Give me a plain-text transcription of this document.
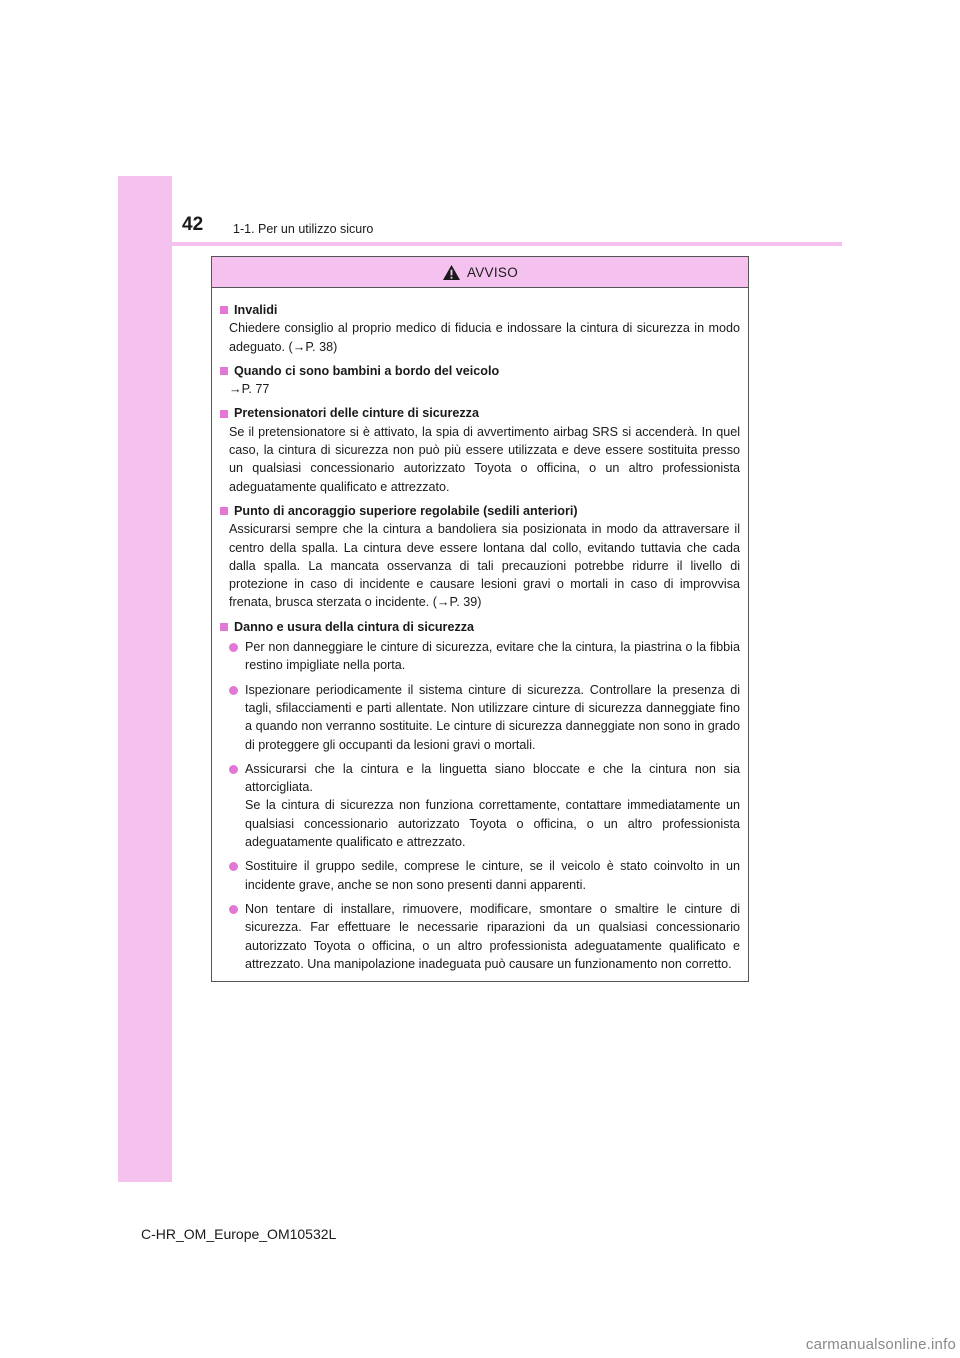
42 1-1. Per un utilizzo sicuro
AVVISO
Invalidi
Chiedere consiglio al proprio medico di fiducia e indossare la cintura di sicurezza in modo adeguato. (→P. 38)
Quando ci sono bambini a bordo del veicolo
→P. 77
Pretensionatori delle cinture di sicurezza
Se il pretensionatore si è attivato, la spia di avvertimento airbag SRS si accenderà. In quel caso, la cintura di sicurezza non può più essere utilizzata e deve essere sostituita presso un qualsiasi concessionario autorizzato Toyota o officina, o un altro professionista adeguatamente qualificato e attrezzato.
Punto di ancoraggio superiore regolabile (sedili anteriori)
Assicurarsi sempre che la cintura a bandoliera sia posizionata in modo da attraversare il centro della spalla. La cintura deve essere lontana dal collo, evitando tuttavia che cada dalla spalla. La mancata osservanza di tali precauzioni potrebbe ridurre il livello di protezione in caso di incidente e causare lesioni gravi o mortali in caso di improvvisa frenata, brusca sterzata o incidente. (→P. 39)
Danno e usura della cintura di sicurezza
Per non danneggiare le cinture di sicurezza, evitare che la cintura, la piastrina o la fibbia restino impigliate nella porta.
Ispezionare periodicamente il sistema cinture di sicurezza. Controllare la presenza di tagli, sfilacciamenti e parti allentate. Non utilizzare cinture di sicurezza danneggiate fino a quando non verranno sostituite. Le cinture di sicurezza danneggiate non sono in grado di proteggere gli occupanti da lesioni gravi o mortali.
Assicurarsi che la cintura e la linguetta siano bloccate e che la cintura non sia attorcigliata.
Se la cintura di sicurezza non funziona correttamente, contattare immediatamente un qualsiasi concessionario autorizzato Toyota o officina, o un altro professionista adeguatamente qualificato e attrezzato.
Sostituire il gruppo sedile, comprese le cinture, se il veicolo è stato coinvolto in un incidente grave, anche se non sono presenti danni apparenti.
Non tentare di installare, rimuovere, modificare, smontare o smaltire le cinture di sicurezza. Far effettuare le necessarie riparazioni da un qualsiasi concessionario autorizzato Toyota o officina, o un altro professionista adeguatamente qualificato e attrezzato. Una manipolazione inadeguata può causare un funzionamento non corretto.
C-HR_OM_Europe_OM10532L
carmanualsonline.info
